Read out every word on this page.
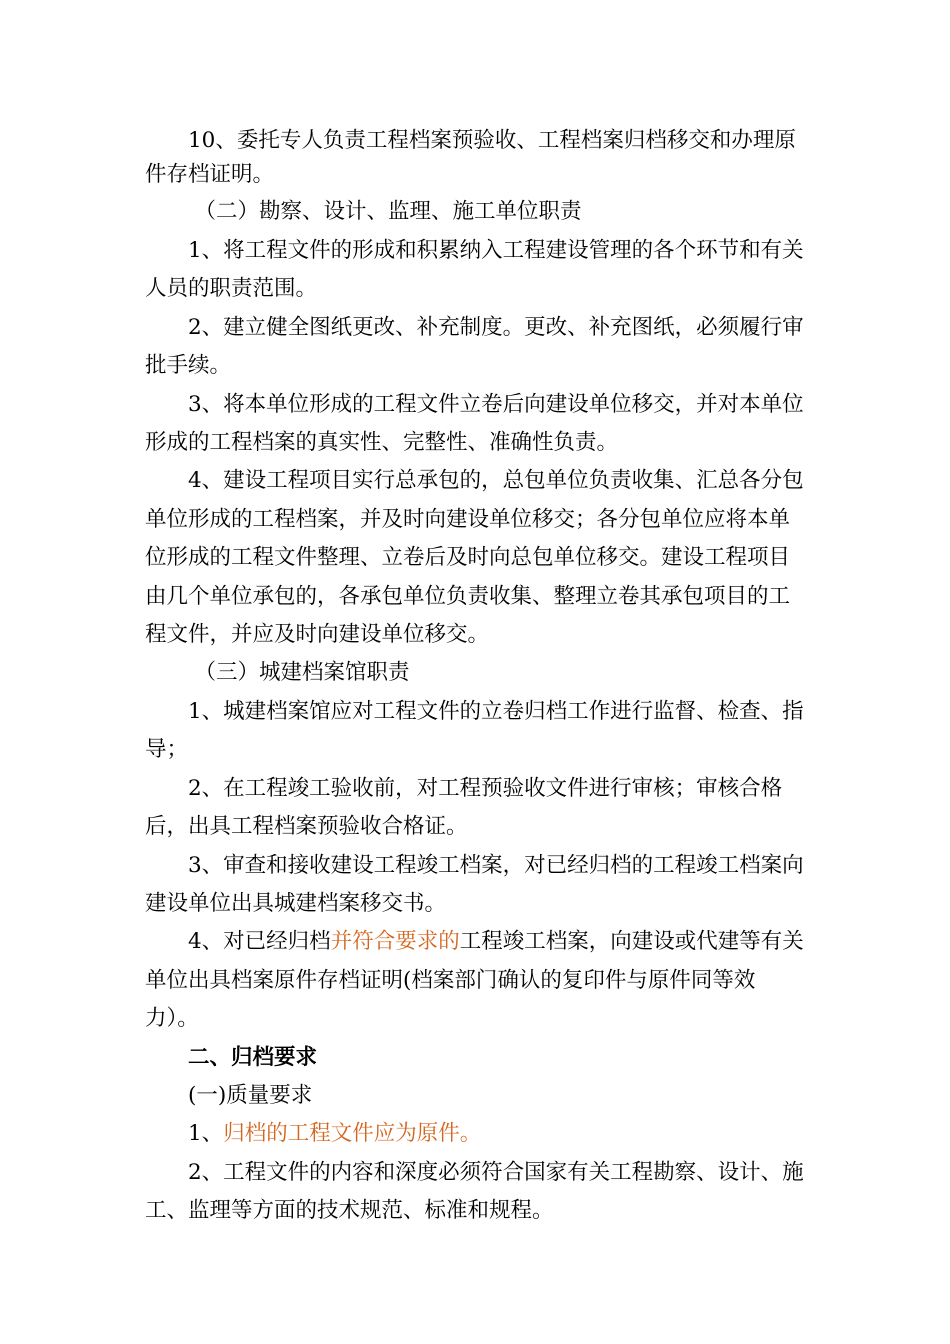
10、委托专人负责工程档案预验收、工程档案归档移交和办理原件存档证明。

（二）勘察、设计、监理、施工单位职责

1、将工程文件的形成和积累纳入工程建设管理的各个环节和有关人员的职责范围。

2、建立健全图纸更改、补充制度。更改、补充图纸，必须履行审批手续。

3、将本单位形成的工程文件立卷后向建设单位移交，并对本单位形成的工程档案的真实性、完整性、准确性负责。

4、建设工程项目实行总承包的，总包单位负责收集、汇总各分包单位形成的工程档案，并及时向建设单位移交；各分包单位应将本单位形成的工程文件整理、立卷后及时向总包单位移交。建设工程项目由几个单位承包的，各承包单位负责收集、整理立卷其承包项目的工程文件，并应及时向建设单位移交。

（三）城建档案馆职责

1、城建档案馆应对工程文件的立卷归档工作进行监督、检查、指导；

2、在工程竣工验收前，对工程预验收文件进行审核；审核合格后，出具工程档案预验收合格证。

3、审查和接收建设工程竣工档案，对已经归档的工程竣工档案向建设单位出具城建档案移交书。

4、对已经归档并符合要求的工程竣工档案，向建设或代建等有关单位出具档案原件存档证明(档案部门确认的复印件与原件同等效力）。

二、归档要求

(一)质量要求

1、归档的工程文件应为原件。

2、工程文件的内容和深度必须符合国家有关工程勘察、设计、施工、监理等方面的技术规范、标准和规程。
